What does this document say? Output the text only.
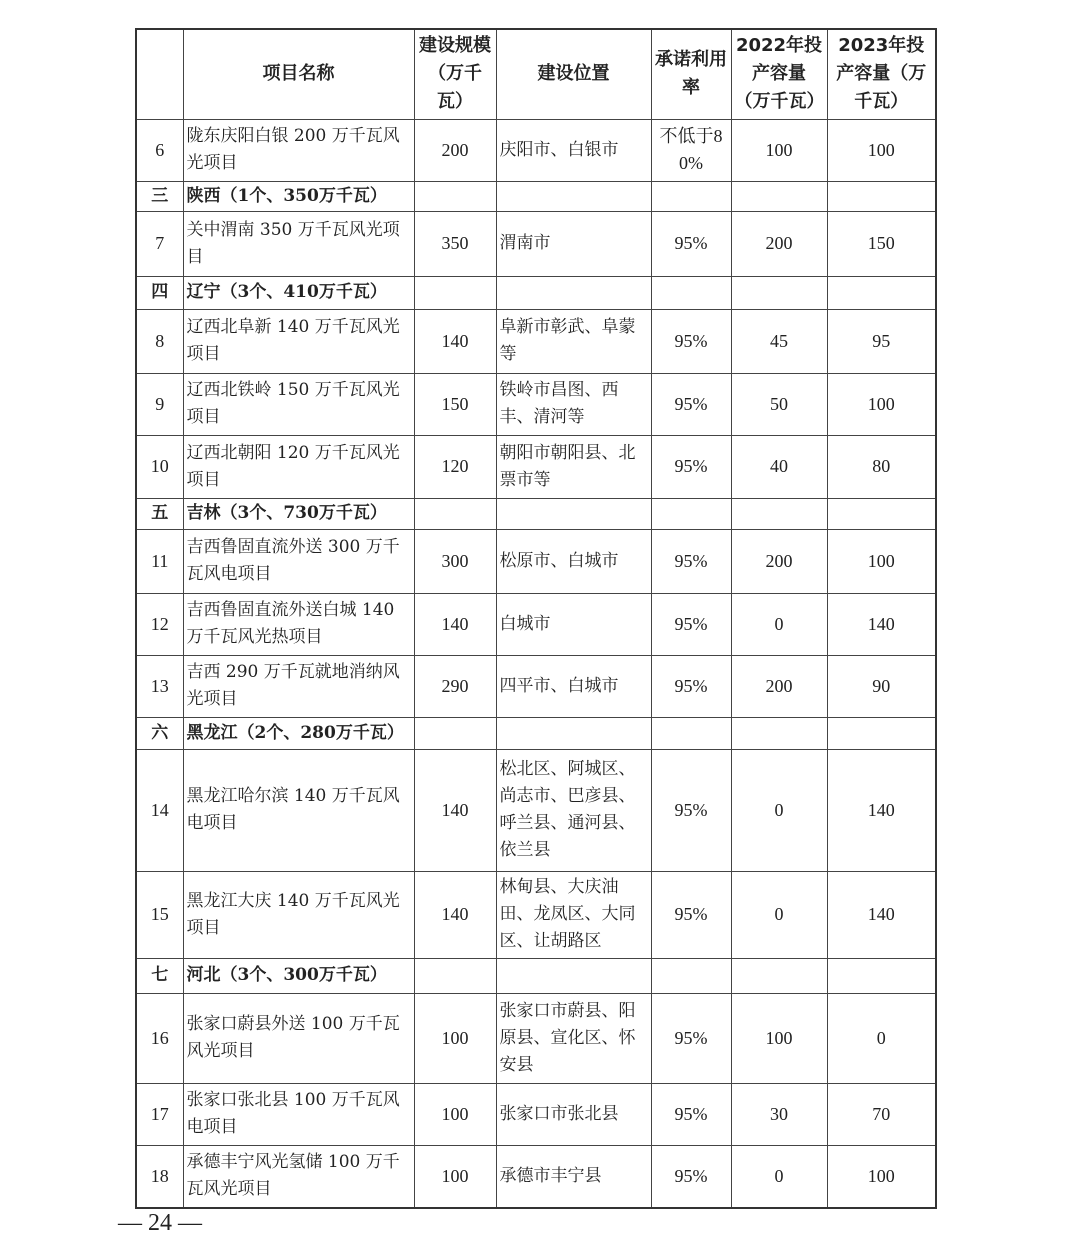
	项目名称	建设规模（万千瓦）	建设位置	承诺利用率	2022年投产容量（万千瓦）	2023年投产容量（万千瓦）
6	陇东庆阳白银 200 万千瓦风光项目	200	庆阳市、白银市	不低于80%	100	100
三	陕西（1个、350万千瓦）					
7	关中渭南 350 万千瓦风光项目	350	渭南市	95%	200	150
四	辽宁（3个、410万千瓦）					
8	辽西北阜新 140 万千瓦风光项目	140	阜新市彰武、阜蒙等	95%	45	95
9	辽西北铁岭 150 万千瓦风光项目	150	铁岭市昌图、西丰、清河等	95%	50	100
10	辽西北朝阳 120 万千瓦风光项目	120	朝阳市朝阳县、北票市等	95%	40	80
五	吉林（3个、730万千瓦）					
11	吉西鲁固直流外送 300 万千瓦风电项目	300	松原市、白城市	95%	200	100
12	吉西鲁固直流外送白城 140 万千瓦风光热项目	140	白城市	95%	0	140
13	吉西 290 万千瓦就地消纳风光项目	290	四平市、白城市	95%	200	90
六	黑龙江（2个、280万千瓦）					
14	黑龙江哈尔滨 140 万千瓦风电项目	140	松北区、阿城区、尚志市、巴彦县、呼兰县、通河县、依兰县	95%	0	140
15	黑龙江大庆 140 万千瓦风光项目	140	林甸县、大庆油田、龙凤区、大同区、让胡路区	95%	0	140
七	河北（3个、300万千瓦）					
16	张家口蔚县外送 100 万千瓦风光项目	100	张家口市蔚县、阳原县、宣化区、怀安县	95%	100	0
17	张家口张北县 100 万千瓦风电项目	100	张家口市张北县	95%	30	70
18	承德丰宁风光氢储 100 万千瓦风光项目	100	承德市丰宁县	95%	0	100
— 24 —
